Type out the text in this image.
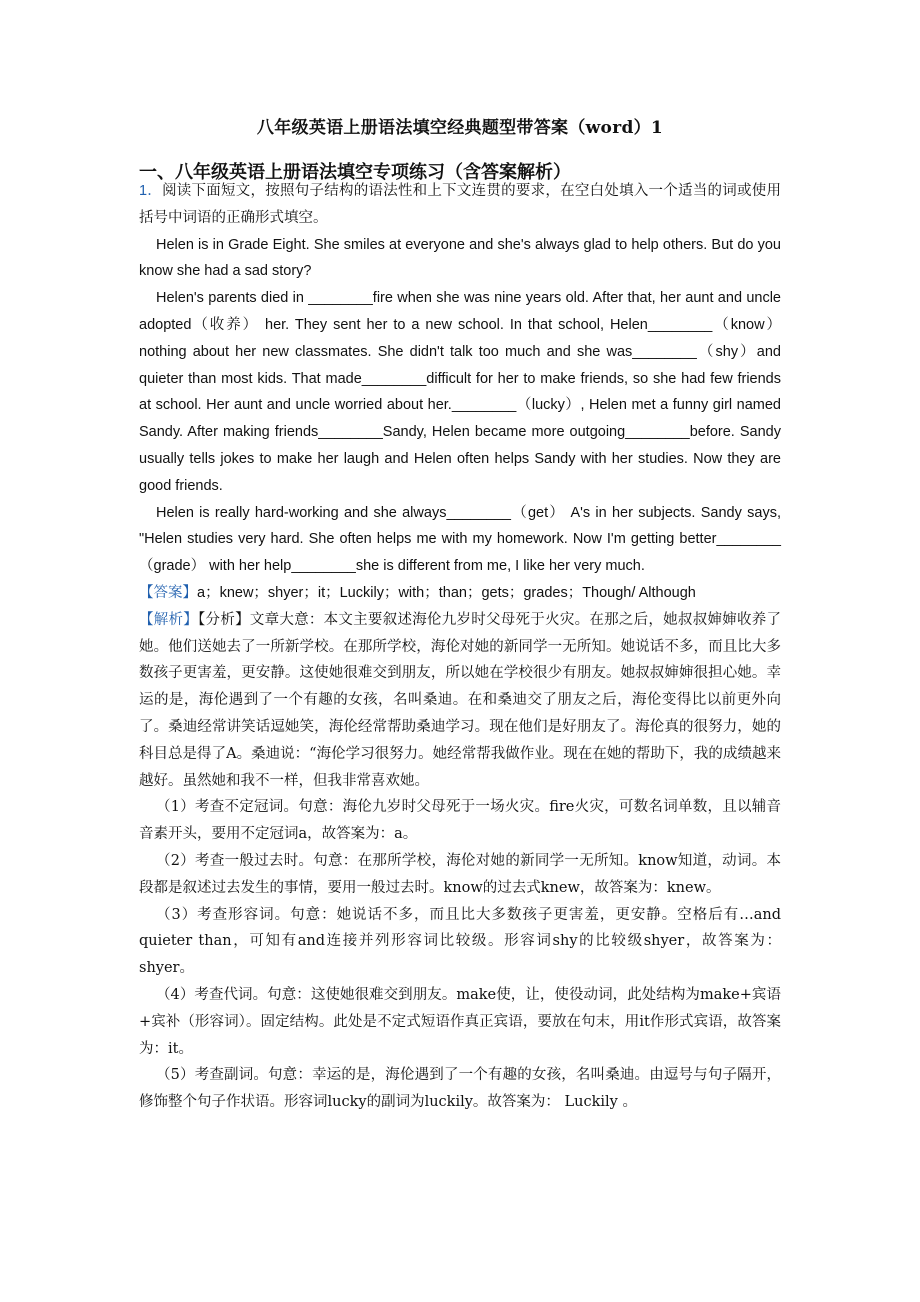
八年级英语上册语法填空经典题型带答案（word）1
一、八年级英语上册语法填空专项练习（含答案解析）

1．阅读下面短文，按照句子结构的语法性和上下文连贯的要求，在空白处填入一个适当的词或使用括号中词语的正确形式填空。

Helen is in Grade Eight. She smiles at everyone and she's always glad to help others. But do you know she had a sad story?

Helen's parents died in ________fire when she was nine years old. After that, her aunt and uncle adopted（收养） her. They sent her to a new school. In that school, Helen________（know） nothing about her new classmates. She didn't talk too much and she was________（shy）and quieter than most kids. That made________difficult for her to make friends, so she had few friends at school. Her aunt and uncle worried about her.________（lucky）, Helen met a funny girl named Sandy. After making friends________Sandy, Helen became more outgoing________before. Sandy usually tells jokes to make her laugh and Helen often helps Sandy with her studies. Now they are good friends.

Helen is really hard-working and she always________（get） A's in her subjects. Sandy says, "Helen studies very hard. She often helps me with my homework. Now I'm getting better________（grade） with her help________she is different from me, I like her very much.

【答案】a；knew；shyer；it；Luckily；with；than；gets；grades；Though/ Although

【解析】【分析】文章大意：本文主要叙述海伦九岁时父母死于火灾。在那之后，她叔叔婶婶收养了她。他们送她去了一所新学校。在那所学校，海伦对她的新同学一无所知。她说话不多，而且比大多数孩子更害羞，更安静。这使她很难交到朋友，所以她在学校很少有朋友。她叔叔婶婶很担心她。幸运的是，海伦遇到了一个有趣的女孩，名叫桑迪。在和桑迪交了朋友之后，海伦变得比以前更外向了。桑迪经常讲笑话逗她笑，海伦经常帮助桑迪学习。现在他们是好朋友了。海伦真的很努力，她的科目总是得了A。桑迪说：“海伦学习很努力。她经常帮我做作业。现在在她的帮助下，我的成绩越来越好。虽然她和我不一样，但我非常喜欢她。

（1）考查不定冠词。句意：海伦九岁时父母死于一场火灾。fire火灾，可数名词单数，且以辅音音素开头，要用不定冠词a，故答案为：a。

（2）考查一般过去时。句意：在那所学校，海伦对她的新同学一无所知。know知道，动词。本段都是叙述过去发生的事情，要用一般过去时。know的过去式knew，故答案为：knew。

（3）考查形容词。句意：她说话不多，而且比大多数孩子更害羞，更安静。空格后有…and quieter than，可知有and连接并列形容词比较级。形容词shy的比较级shyer，故答案为：shyer。

（4）考查代词。句意：这使她很难交到朋友。make使，让，使役动词，此处结构为make+宾语+宾补（形容词）。固定结构。此处是不定式短语作真正宾语，要放在句末，用it作形式宾语，故答案为：it。

（5）考查副词。句意：幸运的是，海伦遇到了一个有趣的女孩，名叫桑迪。由逗号与句子隔开，修饰整个句子作状语。形容词lucky的副词为luckily。故答案为： Luckily 。
